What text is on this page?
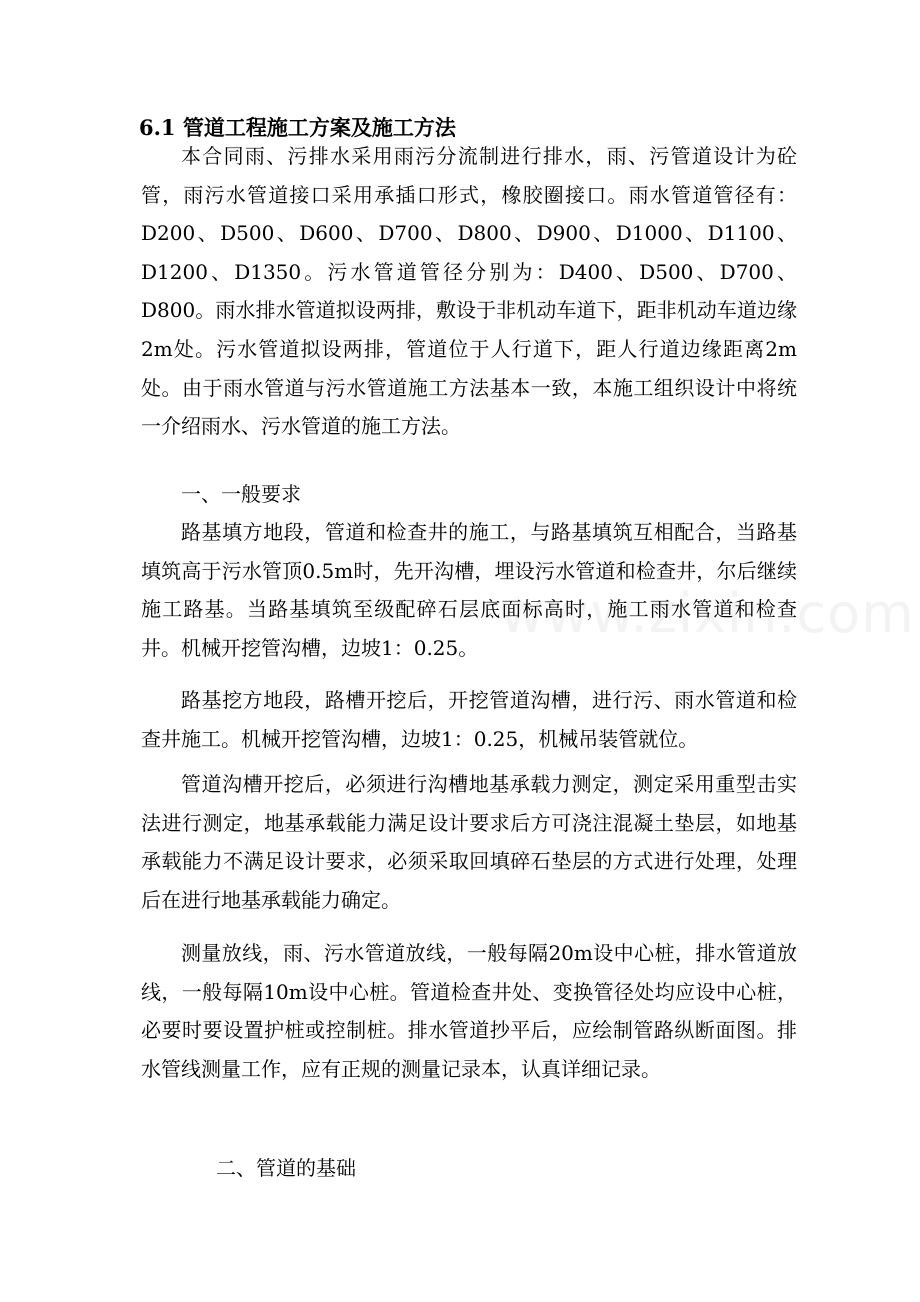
6.1 管道工程施工方案及施工方法
本合同雨、污排水采用雨污分流制进行排水，雨、污管道设计为砼管，雨污水管道接口采用承插口形式，橡胶圈接口。雨水管道管径有：D200、D500、D600、D700、D800、D900、D1000、D1100、D1200、D1350。污水管道管径分别为：D400、D500、D700、D800。雨水排水管道拟设两排，敷设于非机动车道下，距非机动车道边缘2m处。污水管道拟设两排，管道位于人行道下，距人行道边缘距离2m处。由于雨水管道与污水管道施工方法基本一致，本施工组织设计中将统一介绍雨水、污水管道的施工方法。
一、一般要求
路基填方地段，管道和检查井的施工，与路基填筑互相配合，当路基填筑高于污水管顶0.5m时，先开沟槽，埋设污水管道和检查井，尔后继续施工路基。当路基填筑至级配碎石层底面标高时，施工雨水管道和检查井。机械开挖管沟槽，边坡1：0.25。
路基挖方地段，路槽开挖后，开挖管道沟槽，进行污、雨水管道和检查井施工。机械开挖管沟槽，边坡1：0.25，机械吊装管就位。
管道沟槽开挖后，必须进行沟槽地基承载力测定，测定采用重型击实法进行测定，地基承载能力满足设计要求后方可浇注混凝土垫层，如地基承载能力不满足设计要求，必须采取回填碎石垫层的方式进行处理，处理后在进行地基承载能力确定。
测量放线，雨、污水管道放线，一般每隔20m设中心桩，排水管道放线，一般每隔10m设中心桩。管道检查井处、变换管径处均应设中心桩，必要时要设置护桩或控制桩。排水管道抄平后，应绘制管路纵断面图。排水管线测量工作，应有正规的测量记录本，认真详细记录。
二、管道的基础
